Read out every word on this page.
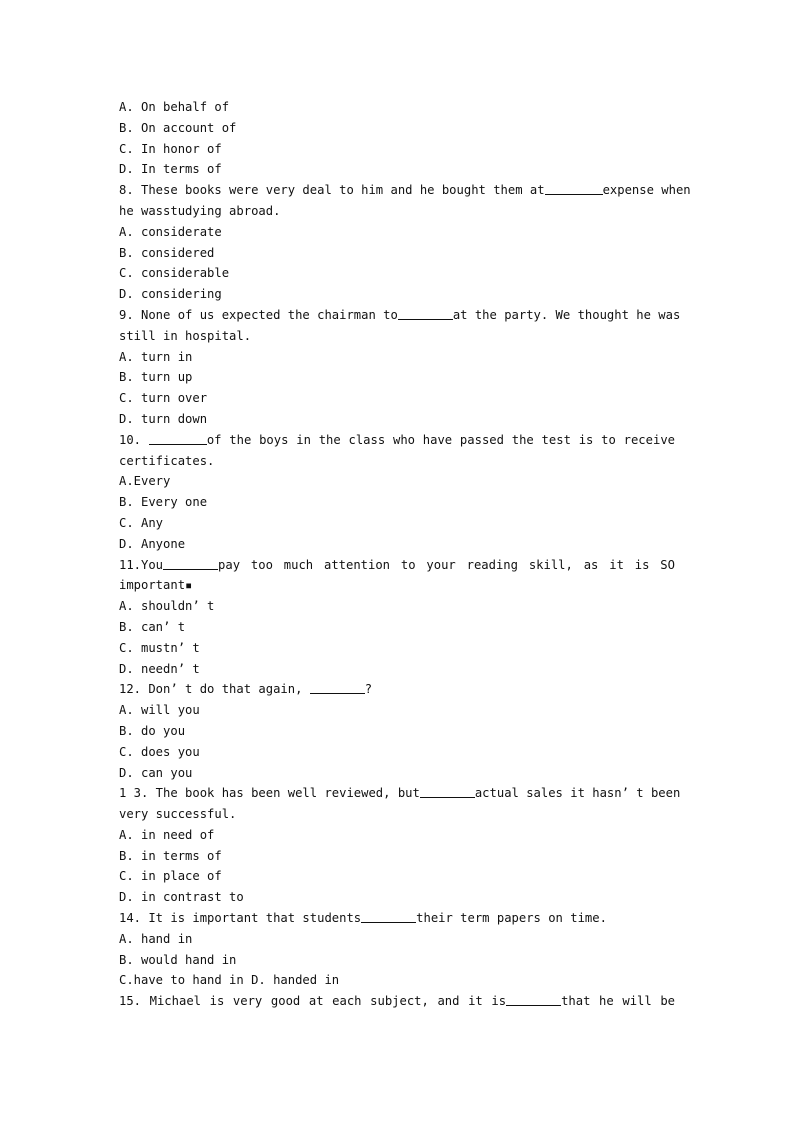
A. On behalf of
B. On account of
C. In honor of
D. In terms of
8. These books were very deal to him and he bought them at	expense when
he wasstudying abroad.
A. considerate
B. considered
C. considerable
D. considering
9. None of us expected the chairman to	at the party. We thought he was
still in hospital.
A. turn in
B. turn up
C. turn over
D. turn down
10.	of the boys in the class who have passed the test is to receive
certificates.
A.Every
B. Every one
C. Any
D. Anyone
11.You	pay too much attention to your reading skill, as it is SO
important▪
A. shouldn’ t
B. can’ t
C. mustn’ t
D. needn’ t
12. Don’ t do that again,	?
A. will you
B. do you
C. does you
D. can you
1 3. The book has been well reviewed, but	actual sales it hasn’ t been
very successful.
A. in need of
B. in terms of
C. in place of
D. in contrast to
14. It is important that students	their term papers on time.
A. hand in
B. would hand in
C.have to hand in D. handed in
15. Michael is very good at each subject, and it is	that he will be
